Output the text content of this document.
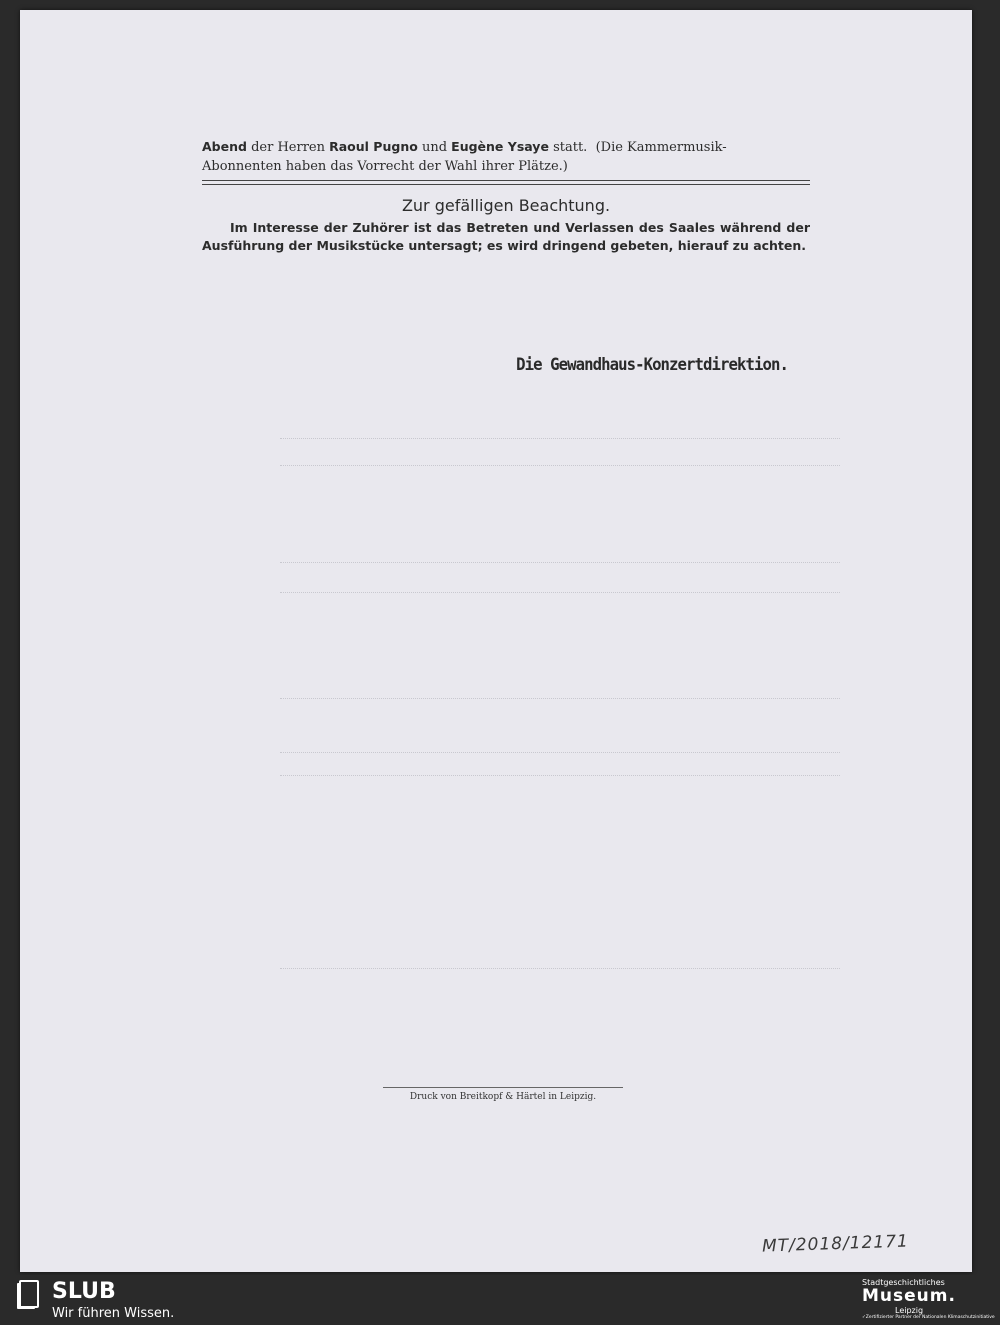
Abend der Herren Raoul Pugno und Eugène Ysaye statt. (Die Kammermusik-
Abonnenten haben das Vorrecht der Wahl ihrer Plätze.)
Zur gefälligen Beachtung.
Im Interesse der Zuhörer ist das Betreten und Verlassen des Saales während der Ausführung der Musikstücke untersagt; es wird dringend gebeten, hierauf zu achten.
Die Gewandhaus-Konzertdirektion.
Druck von Breitkopf & Härtel in Leipzig.
MT/2018/12171
SLUB
Wir führen Wissen.
Stadtgeschichtliches
Museum.
Leipzig
✓Zertifizierter Partner der Nationalen Klimaschutzinitiative
